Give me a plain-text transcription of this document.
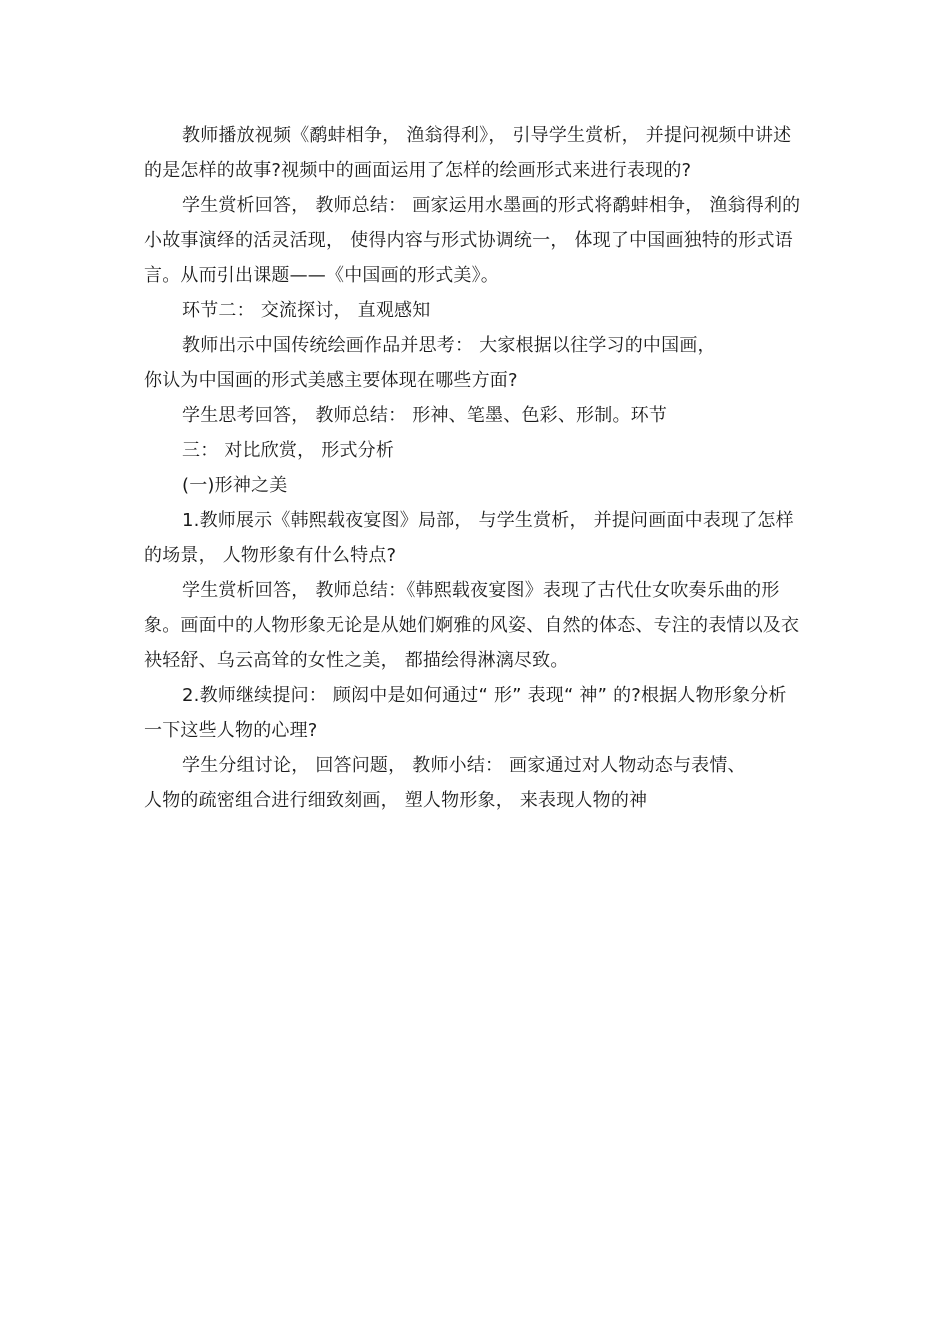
教师播放视频《鹬蚌相争， 渔翁得利》， 引导学生赏析， 并提问视频中讲述的是怎样的故事?视频中的画面运用了怎样的绘画形式来进行表现的?

学生赏析回答， 教师总结： 画家运用水墨画的形式将鹬蚌相争， 渔翁得利的小故事演绎的活灵活现， 使得内容与形式协调统一， 体现了中国画独特的形式语言。从而引出课题——《中国画的形式美》。

环节二： 交流探讨， 直观感知

教师出示中国传统绘画作品并思考： 大家根据以往学习的中国画，

你认为中国画的形式美感主要体现在哪些方面?

学生思考回答， 教师总结： 形神、笔墨、色彩、形制。环节

三： 对比欣赏， 形式分析

(一)形神之美

1.教师展示《韩熙载夜宴图》局部， 与学生赏析， 并提问画面中表现了怎样的场景， 人物形象有什么特点?

学生赏析回答， 教师总结：《韩熙载夜宴图》表现了古代仕女吹奏乐曲的形象。画面中的人物形象无论是从她们婀雅的风姿、自然的体态、专注的表情以及衣袂轻舒、乌云高耸的女性之美， 都描绘得淋漓尽致。

2.教师继续提问： 顾闳中是如何通过“ 形” 表现“ 神” 的?根据人物形象分析一下这些人物的心理?

学生分组讨论， 回答问题， 教师小结： 画家通过对人物动态与表情、

人物的疏密组合进行细致刻画， 塑人物形象， 来表现人物的神
